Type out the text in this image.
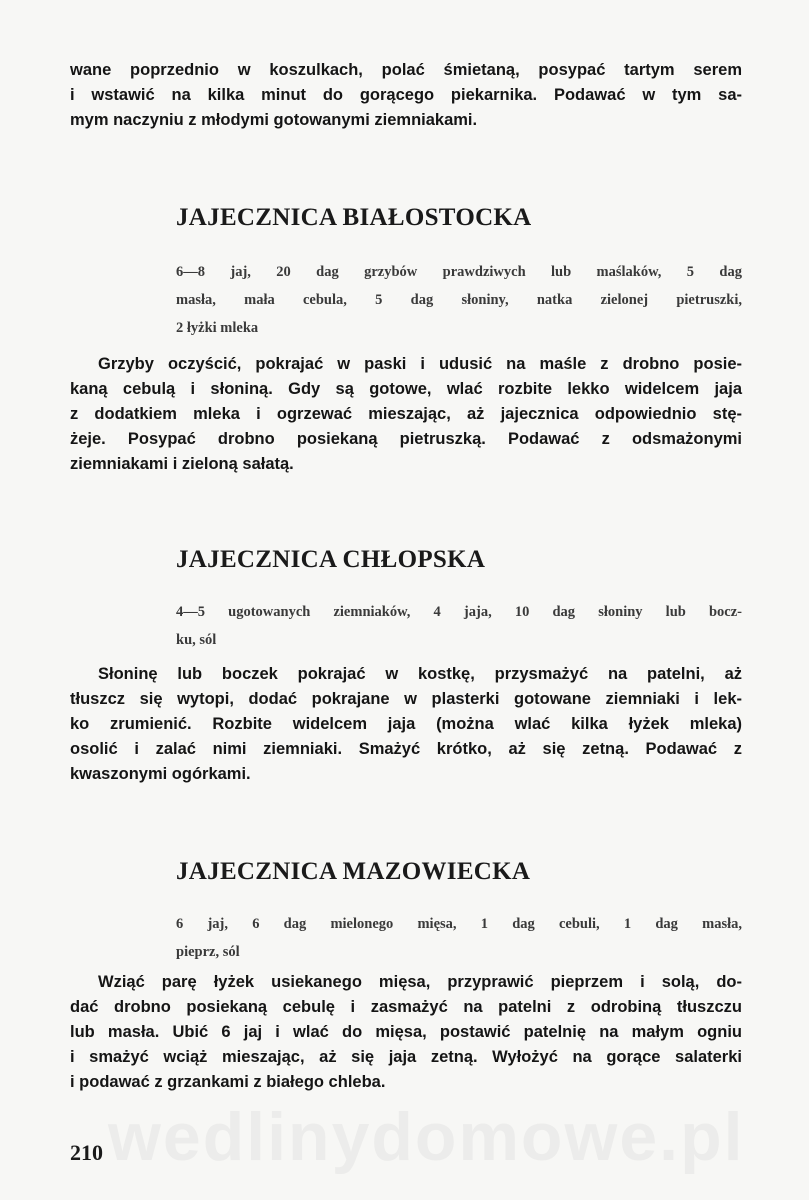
wedlinydomowe.pl

wane poprzednio w koszulkach, polać śmietaną, posypać tartym serem
i wstawić na kilka minut do gorącego piekarnika. Podawać w tym sa-
mym naczyniu z młodymi gotowanymi ziemniakami.

JAJECZNICA BIAŁOSTOCKA

6—8 jaj, 20 dag grzybów prawdziwych lub maślaków, 5 dag
masła, mała cebula, 5 dag słoniny, natka zielonej pietruszki,
2 łyżki mleka

Grzyby oczyścić, pokrajać w paski i udusić na maśle z drobno posie-
kaną cebulą i słoniną. Gdy są gotowe, wlać rozbite lekko widelcem jaja
z dodatkiem mleka i ogrzewać mieszając, aż jajecznica odpowiednio stę-
żeje. Posypać drobno posiekaną pietruszką. Podawać z odsmażonymi
ziemniakami i zieloną sałatą.

JAJECZNICA CHŁOPSKA

4—5 ugotowanych ziemniaków, 4 jaja, 10 dag słoniny lub bocz-
ku, sól

Słoninę lub boczek pokrajać w kostkę, przysmażyć na patelni, aż
tłuszcz się wytopi, dodać pokrajane w plasterki gotowane ziemniaki i lek-
ko zrumienić. Rozbite widelcem jaja (można wlać kilka łyżek mleka)
osolić i zalać nimi ziemniaki. Smażyć krótko, aż się zetną. Podawać z
kwaszonymi ogórkami.

JAJECZNICA MAZOWIECKA

6 jaj, 6 dag mielonego mięsa, 1 dag cebuli, 1 dag masła,
pieprz, sól

Wziąć parę łyżek usiekanego mięsa, przyprawić pieprzem i solą, do-
dać drobno posiekaną cebulę i zasmażyć na patelni z odrobiną tłuszczu
lub masła. Ubić 6 jaj i wlać do mięsa, postawić patelnię na małym ogniu
i smażyć wciąż mieszając, aż się jaja zetną. Wyłożyć na gorące salaterki
i podawać z grzankami z białego chleba.

210
